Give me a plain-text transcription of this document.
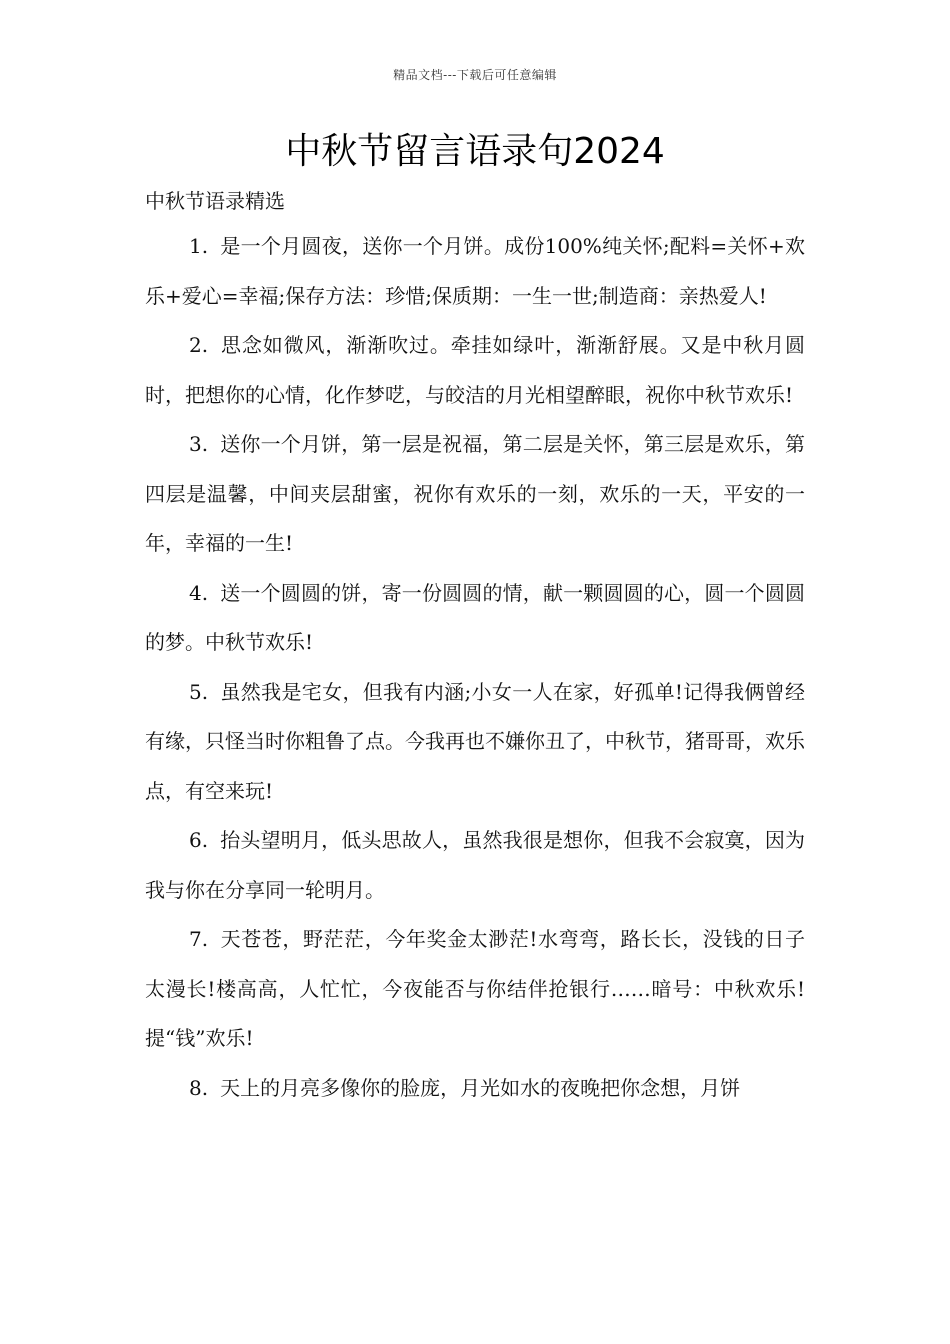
精品文档---下载后可任意编辑
中秋节留言语录句2024

中秋节语录精选

1. 是一个月圆夜，送你一个月饼。成份100%纯关怀;配料=关怀+欢乐+爱心=幸福;保存方法：珍惜;保质期：一生一世;制造商：亲热爱人!

2. 思念如微风，渐渐吹过。牵挂如绿叶，渐渐舒展。又是中秋月圆时，把想你的心情，化作梦呓，与皎洁的月光相望醉眼，祝你中秋节欢乐!

3. 送你一个月饼，第一层是祝福，第二层是关怀，第三层是欢乐，第四层是温馨，中间夹层甜蜜，祝你有欢乐的一刻，欢乐的一天，平安的一年，幸福的一生!

4. 送一个圆圆的饼，寄一份圆圆的情，献一颗圆圆的心，圆一个圆圆的梦。中秋节欢乐!

5. 虽然我是宅女，但我有内涵;小女一人在家，好孤单!记得我俩曾经有缘，只怪当时你粗鲁了点。今我再也不嫌你丑了，中秋节，猪哥哥，欢乐点，有空来玩!

6. 抬头望明月，低头思故人，虽然我很是想你，但我不会寂寞，因为我与你在分享同一轮明月。

7. 天苍苍，野茫茫，今年奖金太渺茫!水弯弯，路长长，没钱的日子太漫长!楼高高，人忙忙，今夜能否与你结伴抢银行……暗号：中秋欢乐!提“钱”欢乐!

8. 天上的月亮多像你的脸庞，月光如水的夜晚把你念想，月饼
